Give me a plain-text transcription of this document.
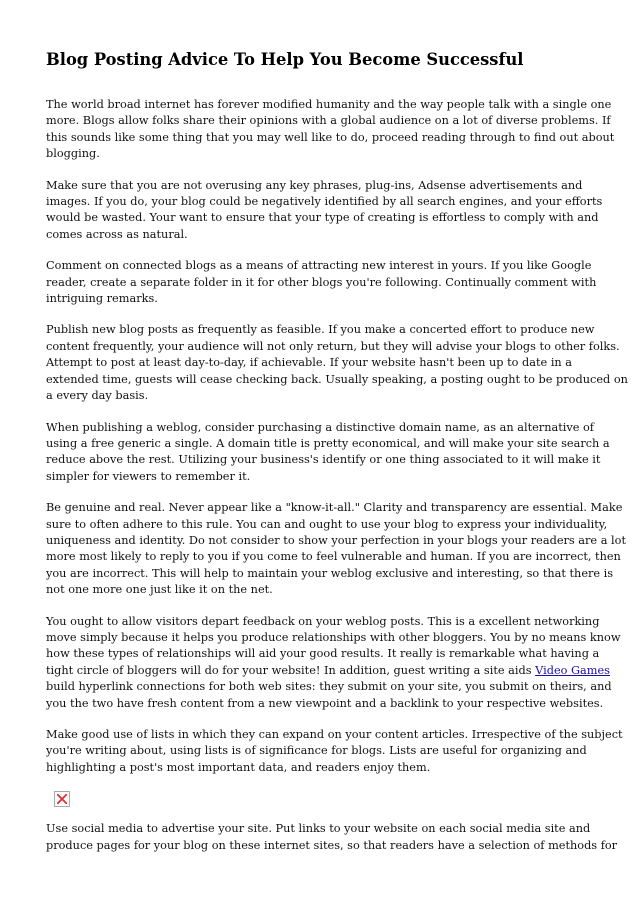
Blog Posting Advice To Help You Become Successful

The world broad internet has forever modified humanity and the way people talk with a single one
more. Blogs allow folks share their opinions with a global audience on a lot of diverse problems. If
this sounds like some thing that you may well like to do, proceed reading through to find out about
blogging.

Make sure that you are not overusing any key phrases, plug-ins, Adsense advertisements and
images. If you do, your blog could be negatively identified by all search engines, and your efforts
would be wasted. Your want to ensure that your type of creating is effortless to comply with and
comes across as natural.

Comment on connected blogs as a means of attracting new interest in yours. If you like Google
reader, create a separate folder in it for other blogs you're following. Continually comment with
intriguing remarks.

Publish new blog posts as frequently as feasible. If you make a concerted effort to produce new
content frequently, your audience will not only return, but they will advise your blogs to other folks.
Attempt to post at least day-to-day, if achievable. If your website hasn't been up to date in a
extended time, guests will cease checking back. Usually speaking, a posting ought to be produced on
a every day basis.

When publishing a weblog, consider purchasing a distinctive domain name, as an alternative of
using a free generic a single. A domain title is pretty economical, and will make your site search a
reduce above the rest. Utilizing your business's identify or one thing associated to it will make it
simpler for viewers to remember it.

Be genuine and real. Never appear like a "know-it-all." Clarity and transparency are essential. Make
sure to often adhere to this rule. You can and ought to use your blog to express your individuality,
uniqueness and identity. Do not consider to show your perfection in your blogs your readers are a lot
more most likely to reply to you if you come to feel vulnerable and human. If you are incorrect, then
you are incorrect. This will help to maintain your weblog exclusive and interesting, so that there is
not one more one just like it on the net.

You ought to allow visitors depart feedback on your weblog posts. This is a excellent networking
move simply because it helps you produce relationships with other bloggers. You by no means know
how these types of relationships will aid your good results. It really is remarkable what having a
tight circle of bloggers will do for your website! In addition, guest writing a site aids Video Games
build hyperlink connections for both web sites: they submit on your site, you submit on theirs, and
you the two have fresh content from a new viewpoint and a backlink to your respective websites.

Make good use of lists in which they can expand on your content articles. Irrespective of the subject
you're writing about, using lists is of significance for blogs. Lists are useful for organizing and
highlighting a post's most important data, and readers enjoy them.

Use social media to advertise your site. Put links to your website on each social media site and
produce pages for your blog on these internet sites, so that readers have a selection of methods for
